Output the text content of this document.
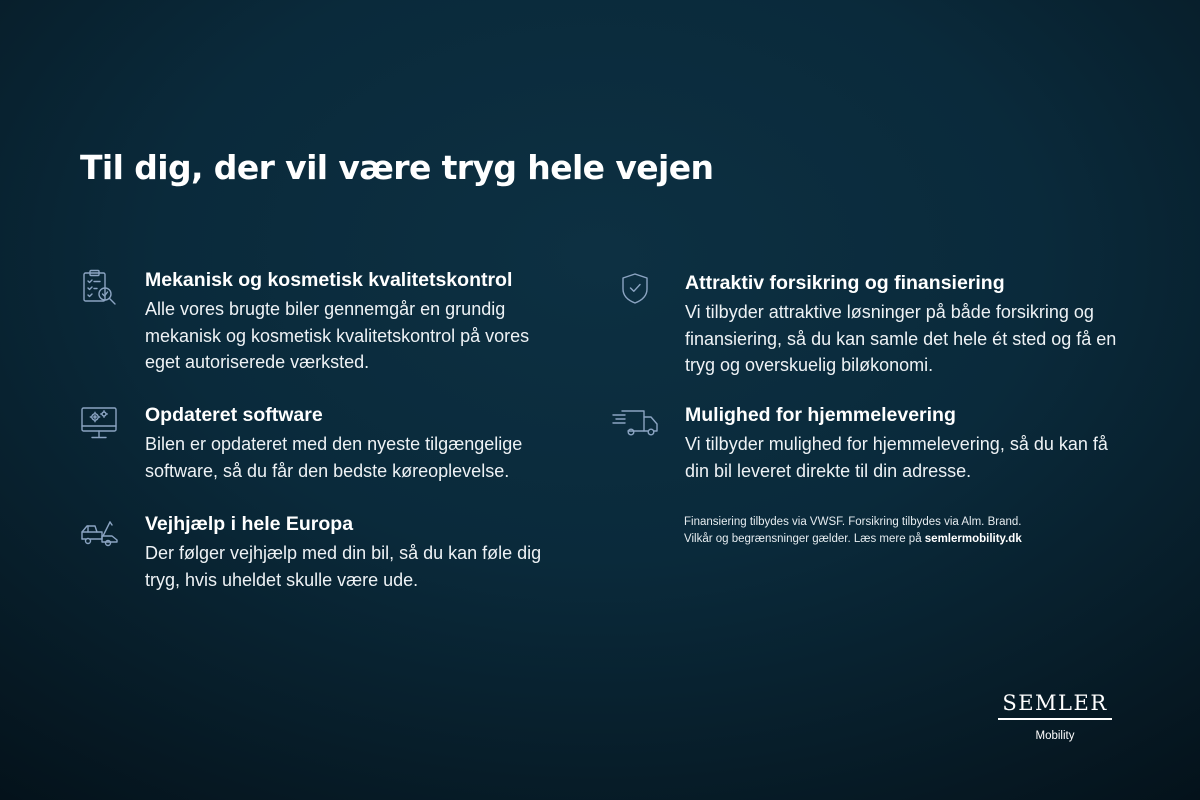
Til dig, der vil være tryg hele vejen
Mekanisk og kosmetisk kvalitetskontrol

Alle vores brugte biler gennemgår en grundig mekanisk og kosmetisk kvalitetskontrol på vores eget autoriserede værksted.

Opdateret software

Bilen er opdateret med den nyeste tilgængelige software, så du får den bedste køreoplevelse.

Vejhjælp i hele Europa

Der følger vejhjælp med din bil, så du kan føle dig tryg, hvis uheldet skulle være ude.

Attraktiv forsikring og finansiering

Vi tilbyder attraktive løsninger på både forsikring og finansiering, så du kan samle det hele ét sted og få en tryg og overskuelig biløkonomi.

Mulighed for hjemmelevering

Vi tilbyder mulighed for hjemmelevering, så du kan få din bil leveret direkte til din adresse.

Finansiering tilbydes via VWSF. Forsikring tilbydes via Alm. Brand.

Vilkår og begrænsninger gælder. Læs mere på semlermobility.dk

SEMLER
Mobility
